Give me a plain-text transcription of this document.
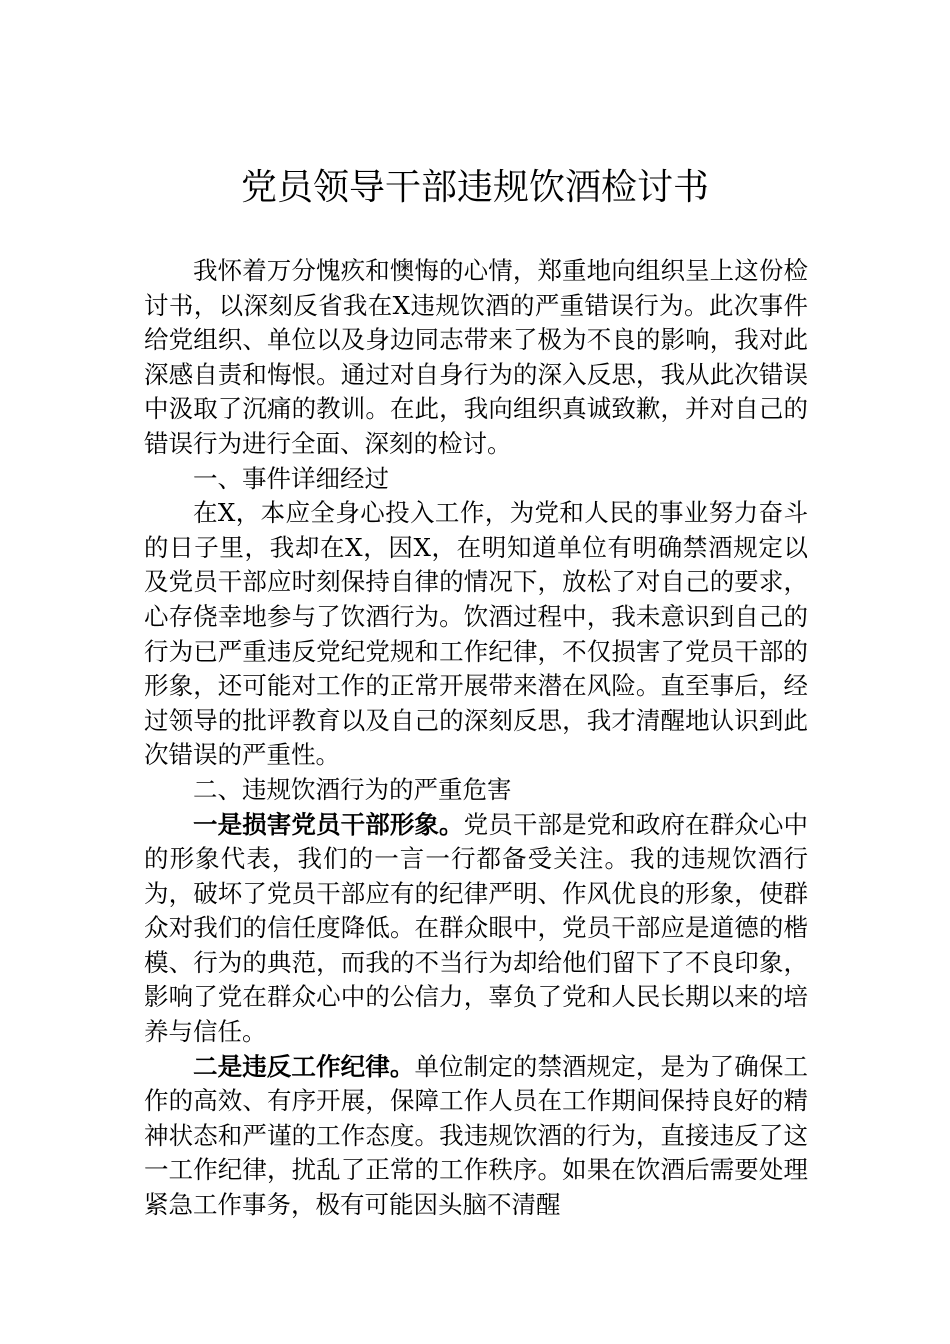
党员领导干部违规饮酒检讨书

我怀着万分愧疚和懊悔的心情，郑重地向组织呈上这份检讨书，以深刻反省我在X违规饮酒的严重错误行为。此次事件给党组织、单位以及身边同志带来了极为不良的影响，我对此深感自责和悔恨。通过对自身行为的深入反思，我从此次错误中汲取了沉痛的教训。在此，我向组织真诚致歉，并对自己的错误行为进行全面、深刻的检讨。

一、事件详细经过

在X，本应全身心投入工作，为党和人民的事业努力奋斗的日子里，我却在X，因X，在明知道单位有明确禁酒规定以及党员干部应时刻保持自律的情况下，放松了对自己的要求，心存侥幸地参与了饮酒行为。饮酒过程中，我未意识到自己的行为已严重违反党纪党规和工作纪律，不仅损害了党员干部的形象，还可能对工作的正常开展带来潜在风险。直至事后，经过领导的批评教育以及自己的深刻反思，我才清醒地认识到此次错误的严重性。

二、违规饮酒行为的严重危害

一是损害党员干部形象。党员干部是党和政府在群众心中的形象代表，我们的一言一行都备受关注。我的违规饮酒行为，破坏了党员干部应有的纪律严明、作风优良的形象，使群众对我们的信任度降低。在群众眼中，党员干部应是道德的楷模、行为的典范，而我的不当行为却给他们留下了不良印象，影响了党在群众心中的公信力，辜负了党和人民长期以来的培养与信任。

二是违反工作纪律。单位制定的禁酒规定，是为了确保工作的高效、有序开展，保障工作人员在工作期间保持良好的精神状态和严谨的工作态度。我违规饮酒的行为，直接违反了这一工作纪律，扰乱了正常的工作秩序。如果在饮酒后需要处理紧急工作事务，极有可能因头脑不清醒
